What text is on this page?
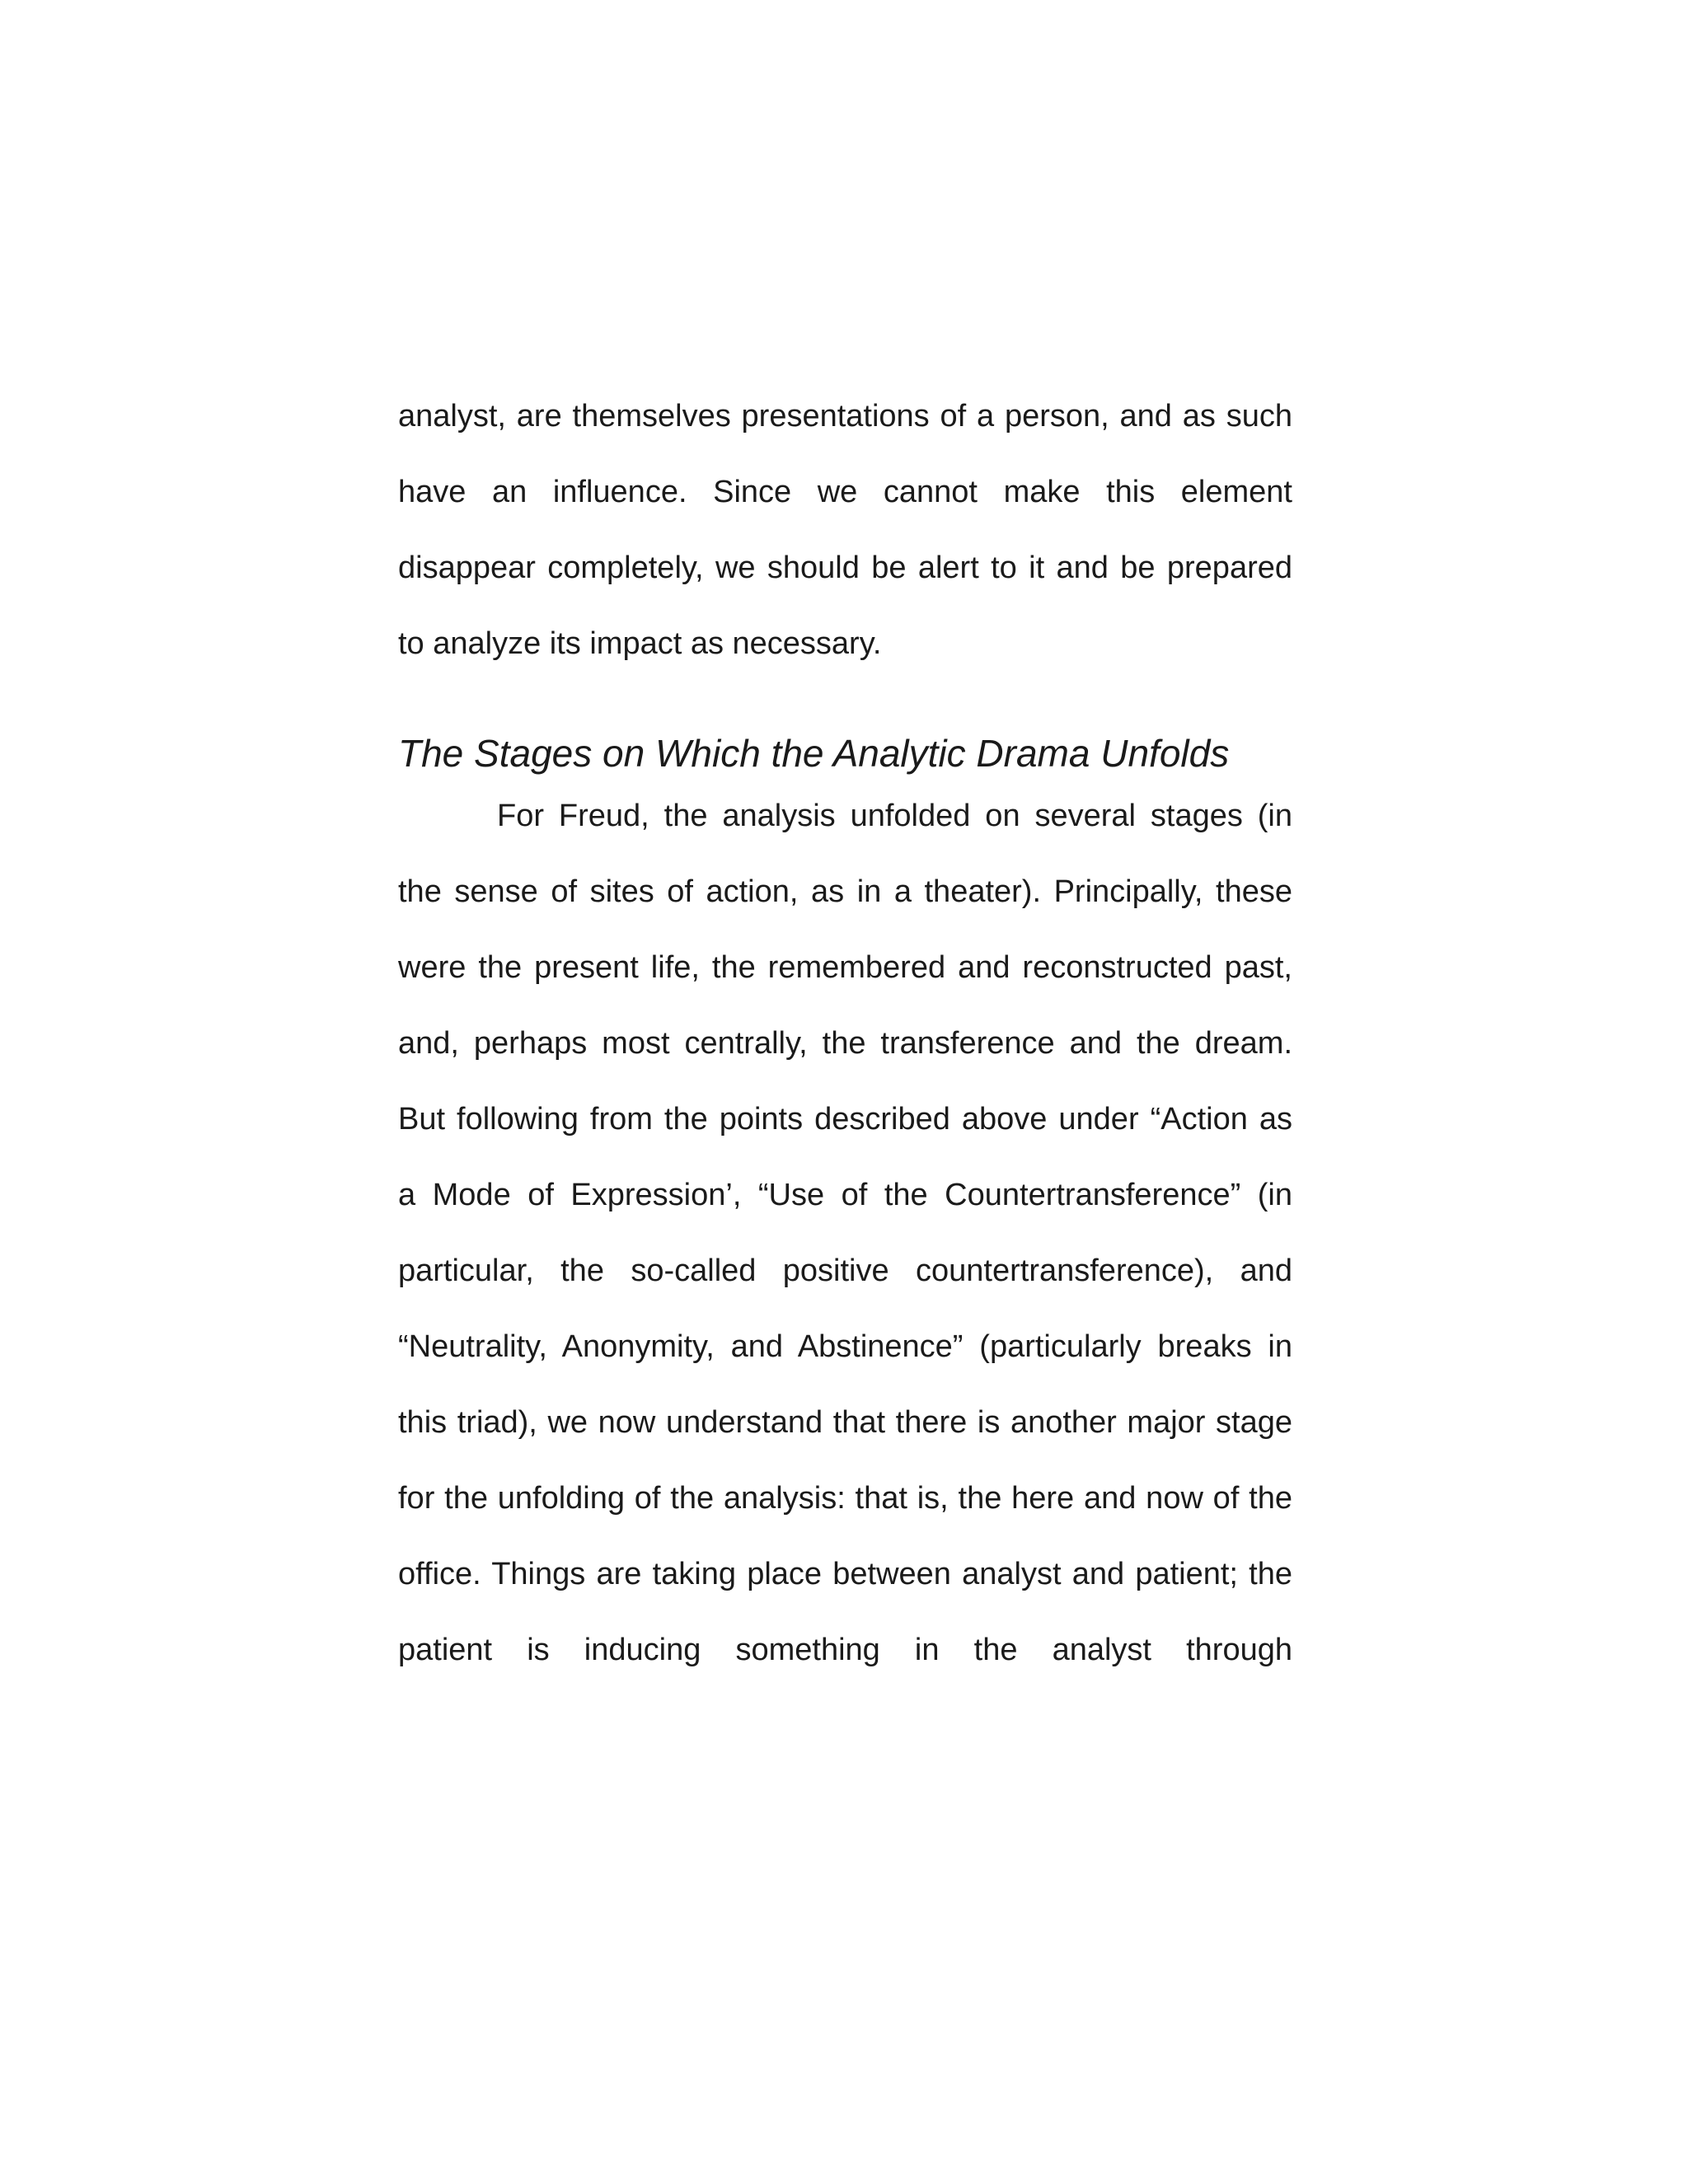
analyst, are themselves presentations of a person, and as such have an influence. Since we cannot make this element disappear completely, we should be alert to it and be prepared to analyze its impact as necessary.

The Stages on Which the Analytic Drama Unfolds

For Freud, the analysis unfolded on several stages (in the sense of sites of action, as in a theater). Principally, these were the present life, the remembered and reconstructed past, and, perhaps most centrally, the transference and the dream. But following from the points described above under “Action as a Mode of Expression’, “Use of the Countertransference” (in particular, the so-called positive countertransference), and “Neutrality, Anonymity, and Abstinence” (particularly breaks in this triad), we now understand that there is another major stage for the unfolding of the analysis: that is, the here and now of the office. Things are taking place between analyst and patient; the patient is inducing something in the analyst through
